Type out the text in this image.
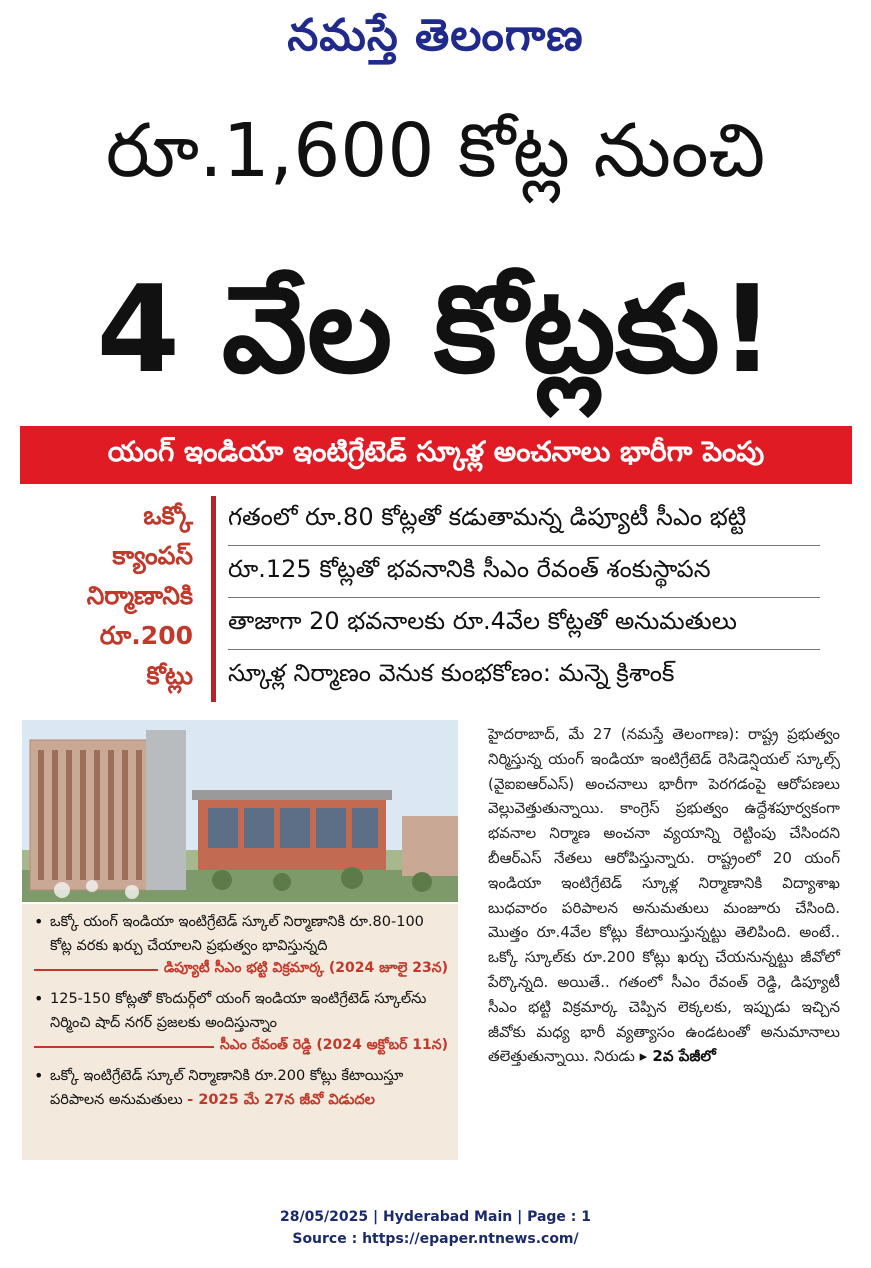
నమస్తే తెలంగాణ
రూ.1,600 కోట్ల నుంచి
4 వేల కోట్లకు!
యంగ్ ఇండియా ఇంటిగ్రేటెడ్ స్కూళ్ల అంచనాలు భారీగా పెంపు
ఒక్కో
క్యాంపస్
నిర్మాణానికి
రూ.200
కోట్లు
గతంలో రూ.80 కోట్లతో కడుతామన్న డిప్యూటీ సీఎం భట్టి
రూ.125 కోట్లతో భవనానికి సీఎం రేవంత్ శంకుస్థాపన
తాజాగా 20 భవనాలకు రూ.4వేల కోట్లతో అనుమతులు
స్కూళ్ల నిర్మాణం వెనుక కుంభకోణం: మన్నె క్రిశాంక్
• ఒక్కో యంగ్ ఇండియా ఇంటిగ్రేటెడ్ స్కూల్ నిర్మాణానికి రూ.80-100 కోట్ల వరకు ఖర్చు చేయాలని ప్రభుత్వం భావిస్తున్నది
డిప్యూటీ సీఎం భట్టి విక్రమార్క (2024 జూలై 23న)
• 125-150 కోట్లతో కొందుర్గ్‌లో యంగ్ ఇండియా ఇంటిగ్రేటెడ్ స్కూల్‌ను నిర్మించి షాద్ నగర్ ప్రజలకు అందిస్తున్నాం
సీఎం రేవంత్ రెడ్డి (2024 అక్టోబర్ 11న)
• ఒక్కో ఇంటిగ్రేటెడ్ స్కూల్ నిర్మాణానికి రూ.200 కోట్లు కేటాయిస్తూ పరిపాలన అనుమతులు - 2025 మే 27న జీవో విడుదల
హైదరాబాద్, మే 27 (నమస్తే తెలంగాణ): రాష్ట్ర ప్రభుత్వం నిర్మిస్తున్న యంగ్ ఇండియా ఇంటిగ్రేటెడ్ రెసిడెన్షియల్ స్కూల్స్ (వైఐఐఆర్ఎస్) అంచనాలు భారీగా పెరగడంపై ఆరోపణలు వెల్లువెత్తుతున్నాయి. కాంగ్రెస్ ప్రభుత్వం ఉద్దేశపూర్వకంగా భవనాల నిర్మాణ అంచనా వ్యయాన్ని రెట్టింపు చేసిందని బీఆర్ఎస్ నేతలు ఆరోపిస్తున్నారు. రాష్ట్రంలో 20 యంగ్ ఇండియా ఇంటిగ్రేటెడ్ స్కూళ్ల నిర్మాణానికి విద్యాశాఖ బుధవారం పరిపాలన అనుమతులు మంజూరు చేసింది. మొత్తం రూ.4వేల కోట్లు కేటాయిస్తున్నట్టు తెలిపింది. అంటే.. ఒక్కో స్కూల్‌కు రూ.200 కోట్లు ఖర్చు చేయనున్నట్టు జీవోలో పేర్కొన్నది. అయితే.. గతంలో సీఎం రేవంత్ రెడ్డి, డిప్యూటీ సీఎం భట్టి విక్రమార్క చెప్పిన లెక్కలకు, ఇప్పుడు ఇచ్చిన జీవోకు మధ్య భారీ వ్యత్యాసం ఉండటంతో అనుమానాలు తలెత్తుతున్నాయి. నిరుడు ▸ 2వ పేజీలో
28/05/2025 | Hyderabad Main | Page : 1
Source : https://epaper.ntnews.com/
